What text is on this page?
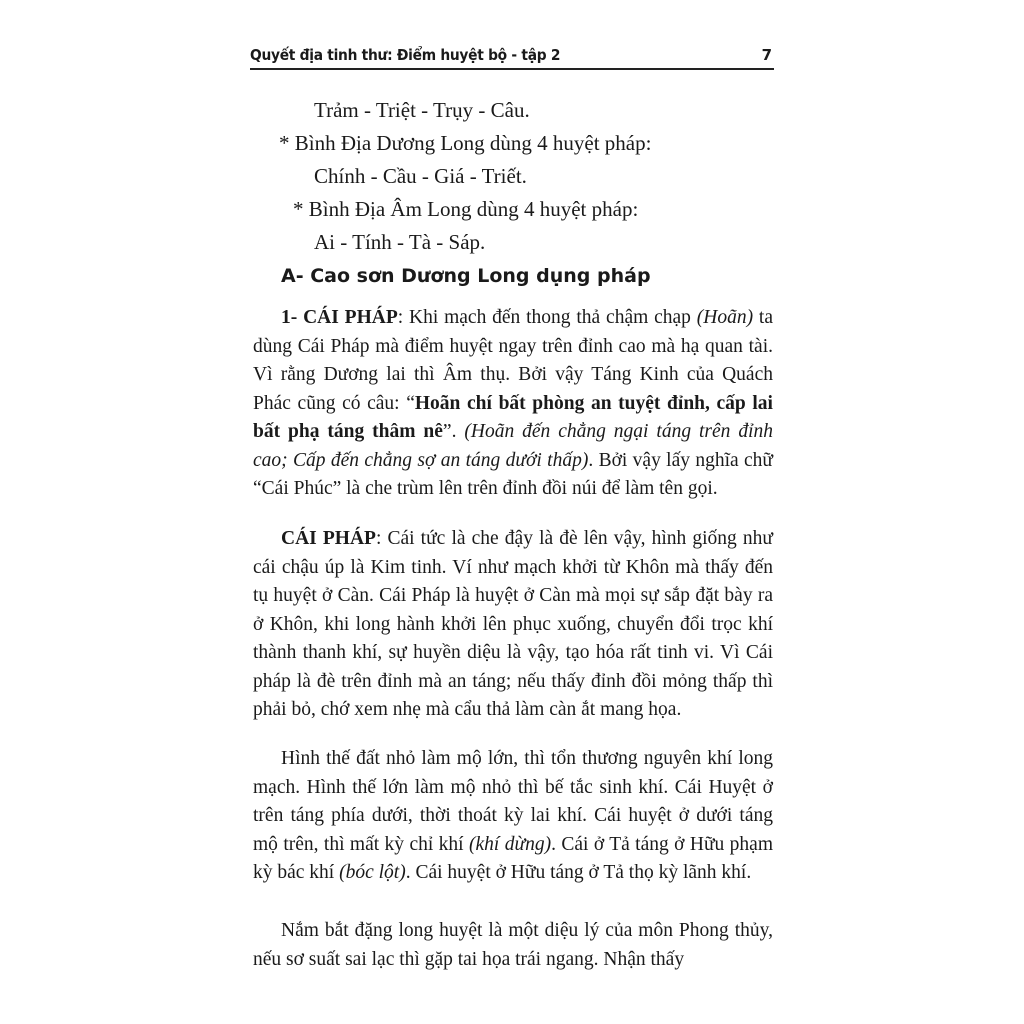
Quyết địa tinh thư: Điểm huyệt bộ - tập 2	7
Trảm - Triệt - Trụy - Câu.
* Bình Địa Dương Long dùng 4 huyệt pháp:
Chính - Cầu - Giá - Triết.
* Bình Địa Âm Long dùng 4 huyệt pháp:
Ai - Tính - Tà - Sáp.
A- Cao sơn Dương Long dụng pháp

1- CÁI PHÁP: Khi mạch đến thong thả chậm chạp (Hoãn) ta dùng Cái Pháp mà điểm huyệt ngay trên đỉnh cao mà hạ quan tài. Vì rằng Dương lai thì Âm thụ. Bởi vậy Táng Kinh của Quách Phác cũng có câu: “Hoãn chí bất phòng an tuyệt đỉnh, cấp lai bất phạ táng thâm nê”. (Hoãn đến chẳng ngại táng trên đỉnh cao; Cấp đến chẳng sợ an táng dưới thấp). Bởi vậy lấy nghĩa chữ “Cái Phúc” là che trùm lên trên đỉnh đồi núi để làm tên gọi.

CÁI PHÁP: Cái tức là che đậy là đè lên vậy, hình giống như cái chậu úp là Kim tinh. Ví như mạch khởi từ Khôn mà thấy đến tụ huyệt ở Càn. Cái Pháp là huyệt ở Càn mà mọi sự sắp đặt bày ra ở Khôn, khi long hành khởi lên phục xuống, chuyển đổi trọc khí thành thanh khí, sự huyền diệu là vậy, tạo hóa rất tinh vi. Vì Cái pháp là đè trên đỉnh mà an táng; nếu thấy đỉnh đồi mỏng thấp thì phải bỏ, chớ xem nhẹ mà cẩu thả làm càn ắt mang họa.

Hình thế đất nhỏ làm mộ lớn, thì tổn thương nguyên khí long mạch. Hình thế lớn làm mộ nhỏ thì bế tắc sinh khí. Cái Huyệt ở trên táng phía dưới, thời thoát kỳ lai khí. Cái huyệt ở dưới táng mộ trên, thì mất kỳ chỉ khí (khí dừng). Cái ở Tả táng ở Hữu phạm kỳ bác khí (bóc lột). Cái huyệt ở Hữu táng ở Tả thọ kỳ lãnh khí.

Nắm bắt đặng long huyệt là một diệu lý của môn Phong thủy, nếu sơ suất sai lạc thì gặp tai họa trái ngang. Nhận thấy
